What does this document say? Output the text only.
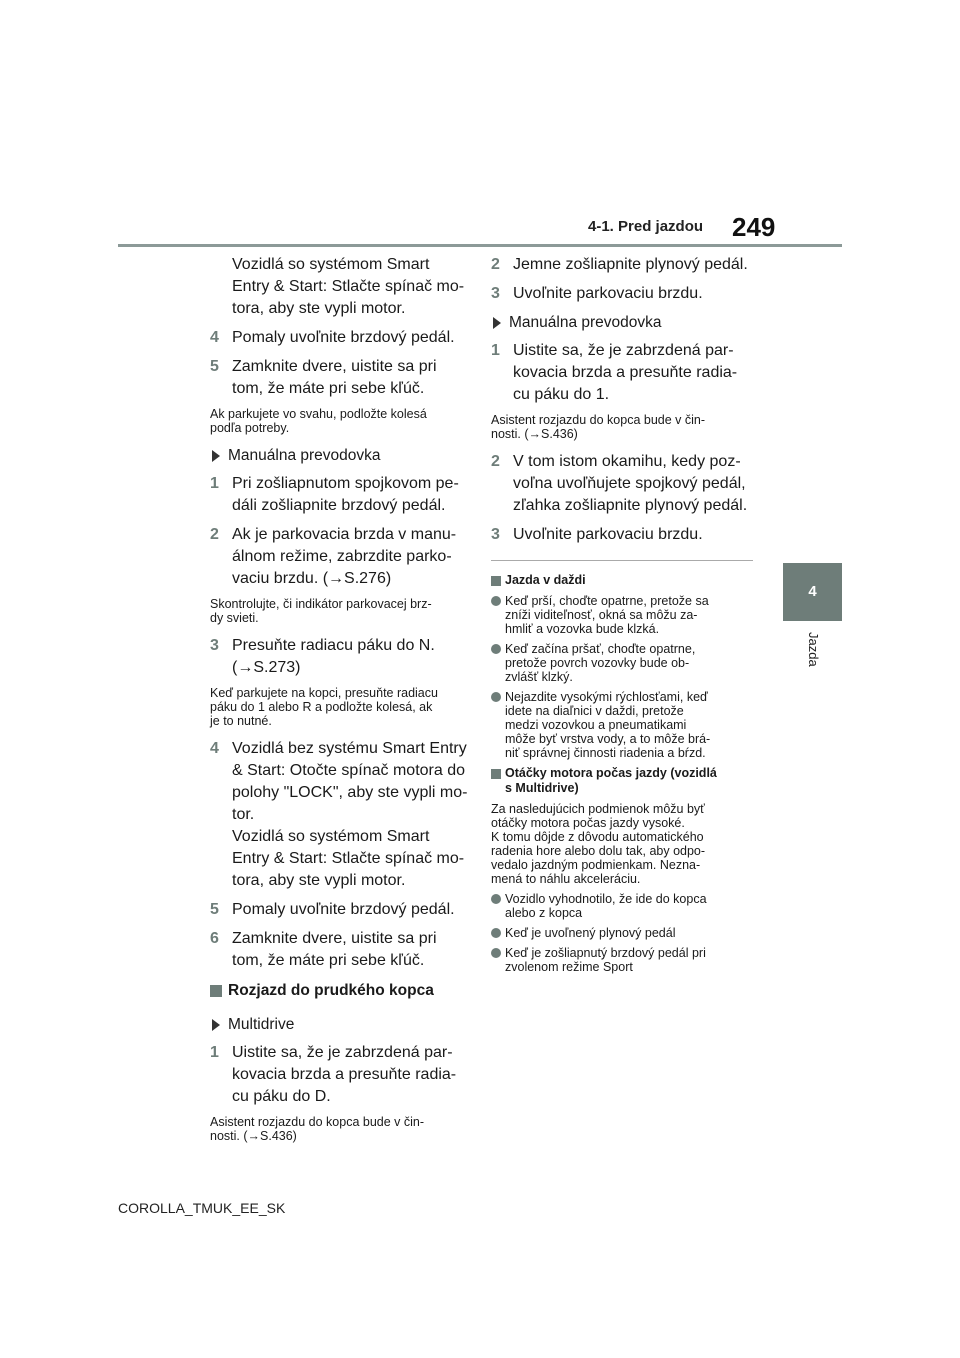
4-1. Pred jazdou 249
4
Jazda
Vozidlá so systémom Smart
Entry & Start: Stlačte spínač mo-
tora, aby ste vypli motor.
4 Pomaly uvoľnite brzdový pedál.
5 Zamknite dvere, uistite sa pri
tom, že máte pri sebe kľúč.
Ak parkujete vo svahu, podložte kolesá
podľa potreby.
Manuálna prevodovka
1 Pri zošliapnutom spojkovom pe-
dáli zošliapnite brzdový pedál.
2 Ak je parkovacia brzda v manu-
álnom režime, zabrzdite parko-
vaciu brzdu. (→S.276)
Skontrolujte, či indikátor parkovacej brz-
dy svieti.
3 Presuňte radiacu páku do N.
(→S.273)
Keď parkujete na kopci, presuňte radiacu
páku do 1 alebo R a podložte kolesá, ak
je to nutné.
4 Vozidlá bez systému Smart Entry
& Start: Otočte spínač motora do
polohy "LOCK", aby ste vypli mo-
tor.
Vozidlá so systémom Smart
Entry & Start: Stlačte spínač mo-
tora, aby ste vypli motor.
5 Pomaly uvoľnite brzdový pedál.
6 Zamknite dvere, uistite sa pri
tom, že máte pri sebe kľúč.
Rozjazd do prudkého kopca
Multidrive
1 Uistite sa, že je zabrzdená par-
kovacia brzda a presuňte radia-
cu páku do D.
Asistent rozjazdu do kopca bude v čin-
nosti. (→S.436)
2 Jemne zošliapnite plynový pedál.
3 Uvoľnite parkovaciu brzdu.
Manuálna prevodovka
1 Uistite sa, že je zabrzdená par-
kovacia brzda a presuňte radia-
cu páku do 1.
Asistent rozjazdu do kopca bude v čin-
nosti. (→S.436)
2 V tom istom okamihu, kedy poz-
voľna uvoľňujete spojkový pedál,
zľahka zošliapnite plynový pedál.
3 Uvoľnite parkovaciu brzdu.
Jazda v daždi
Keď prší, choďte opatrne, pretože sa
zníži viditeľnosť, okná sa môžu za-
hmliť a vozovka bude klzká.
Keď začína pršať, choďte opatrne,
pretože povrch vozovky bude ob-
zvlášť klzký.
Nejazdite vysokými rýchlosťami, keď
idete na diaľnici v daždi, pretože
medzi vozovkou a pneumatikami
môže byť vrstva vody, a to môže brá-
niť správnej činnosti riadenia a bŕzd.
Otáčky motora počas jazdy (vozidlá
s Multidrive)
Za nasledujúcich podmienok môžu byť
otáčky motora počas jazdy vysoké.
K tomu dôjde z dôvodu automatického
radenia hore alebo dolu tak, aby odpo-
vedalo jazdným podmienkam. Nezna-
mená to náhlu akceleráciu.
Vozidlo vyhodnotilo, že ide do kopca
alebo z kopca
Keď je uvoľnený plynový pedál
Keď je zošliapnutý brzdový pedál pri
zvolenom režime Sport
COROLLA_TMUK_EE_SK
